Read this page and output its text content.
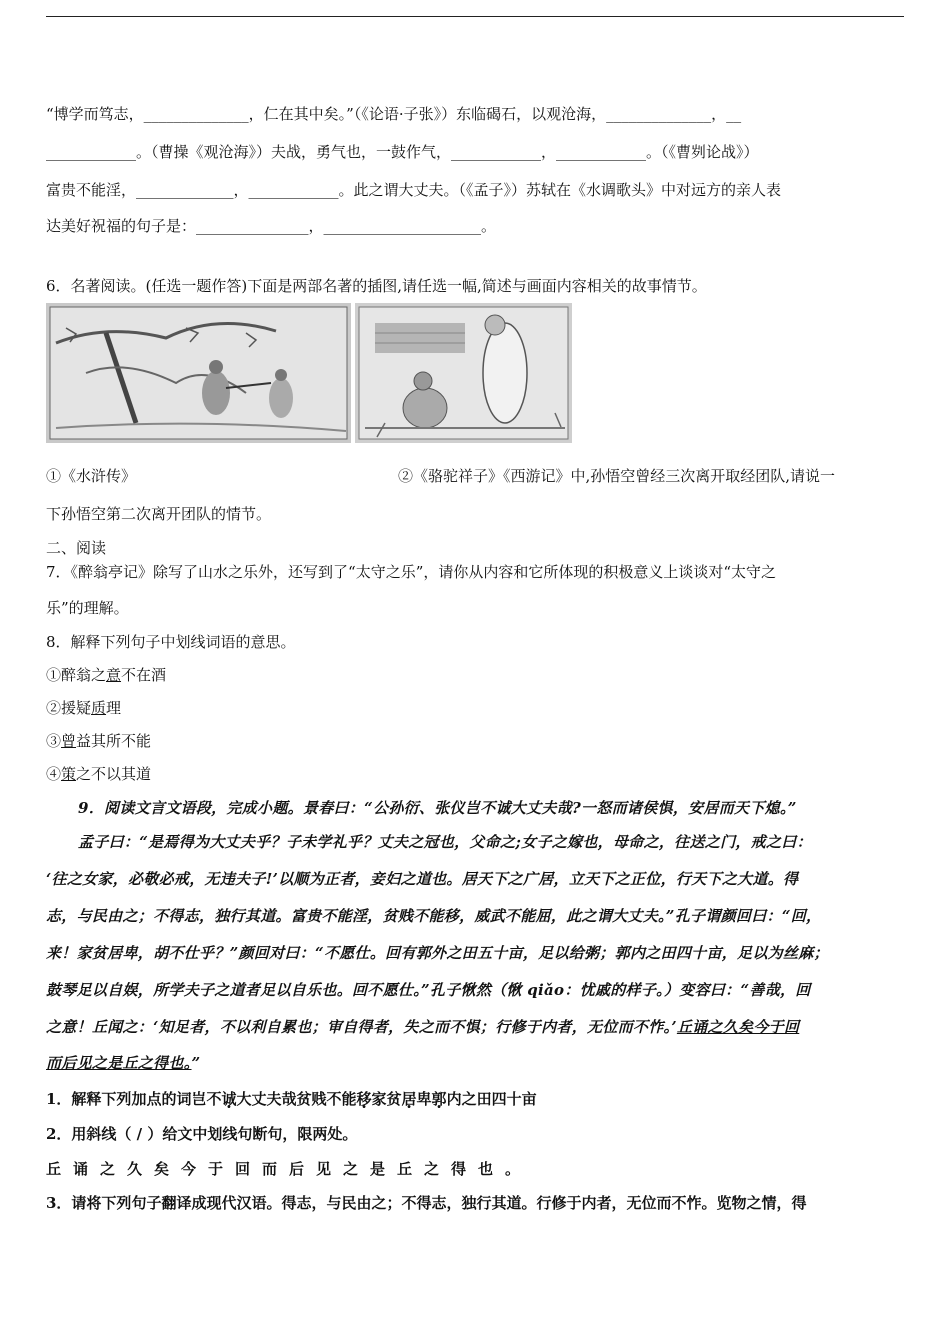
“博学而笃志，______________，仁在其中矣。”（《论语·子张》）东临碣石，以观沧海，______________，__
____________。（曹操《观沧海》）夫战，勇气也，一鼓作气，____________，____________。（《曹刿论战》）
富贵不能淫，_____________，____________。此之谓大丈夫。（《孟子》）苏轼在《水调歌头》中对远方的亲人表
达美好祝福的句子是：_______________，_____________________。
6．名著阅读。(任选一题作答)下面是两部名著的插图,请任选一幅,简述与画面内容相关的故事情节。
①《水浒传》	②《骆驼祥子》《西游记》中,孙悟空曾经三次离开取经团队,请说一
下孙悟空第二次离开团队的情节。
二、阅读
7．《醉翁亭记》除写了山水之乐外，还写到了“太守之乐”，请你从内容和它所体现的积极意义上谈谈对“太守之
乐”的理解。
8．解释下列句子中划线词语的意思。
①醉翁之意不在酒
②援疑质理
③曾益其所不能
④策之不以其道
9．阅读文言文语段，完成小题。景春曰：“公孙衍、张仪岂不诚大丈夫哉?一怒而诸侯惧，安居而天下熄。”
孟子曰：“是焉得为大丈夫乎？子未学礼乎？丈夫之冠也，父命之;女子之嫁也，母命之，往送之门，戒之曰：
‘往之女家，必敬必戒，无违夫子!’以顺为正者，妾妇之道也。居天下之广居，立天下之正位，行天下之大道。得
志，与民由之；不得志，独行其道。富贵不能淫，贫贱不能移，威武不能屈，此之谓大丈夫。”孔子谓颜回曰：“回，
来！家贫居卑，胡不仕乎？”颜回对曰：“不愿仕。回有郭外之田五十亩，足以给粥；郭内之田四十亩，足以为丝麻；
鼓琴足以自娱，所学夫子之道者足以自乐也。回不愿仕。”孔子愀然（愀 qiǎo：忧戚的样子。）变容曰：“善哉，回
之意！丘闻之：‘知足者，不以利自累也；审自得者，失之而不惧；行修于内者，无位而不怍。’丘诵之久矣今于回
而后见之是丘之得也。”
1．解释下列加点的词岂不诚大丈夫哉贫贱不能移家贫居卑郭内之田四十亩
2．用斜线（ / ）给文中划线句断句，限两处。
丘诵之久矣今于回而后见之是丘之得也。
3．请将下列句子翻译成现代汉语。得志，与民由之；不得志，独行其道。行修于内者，无位而不怍。览物之情，得
